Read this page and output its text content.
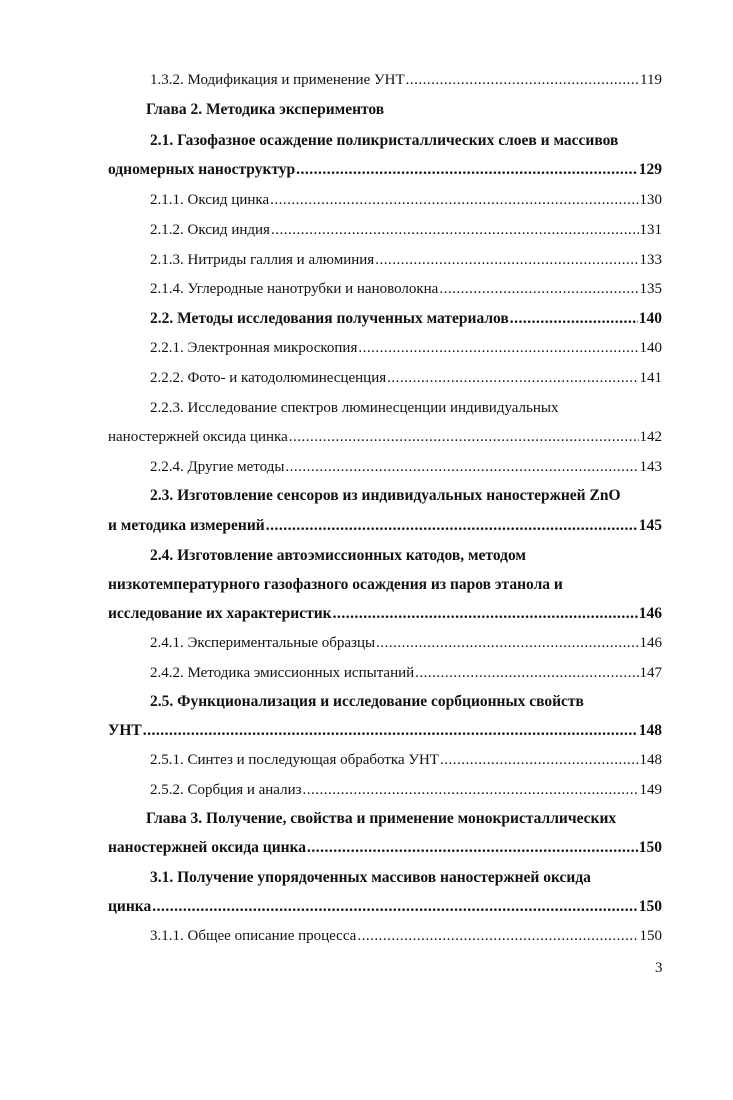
1.3.2. Модификация и применение УНТ .....	119
Глава 2. Методика экспериментов
2.1. Газофазное осаждение поликристаллических слоев и массивов
одномерных наноструктур .....	129
2.1.1. Оксид цинка .....	130
2.1.2. Оксид индия .....	131
2.1.3. Нитриды галлия и алюминия .....	133
2.1.4. Углеродные нанотрубки и нановолокна .....	135
2.2. Методы исследования полученных материалов .....	140
2.2.1. Электронная микроскопия .....	140
2.2.2. Фото- и катодолюминесценция .....	141
2.2.3. Исследование спектров люминесценции индивидуальных
наностержней оксида цинка .....	142
2.2.4. Другие методы .....	143
2.3. Изготовление сенсоров из индивидуальных наностержней ZnO
и методика измерений .....	145
2.4. Изготовление автоэмиссионных катодов, методом
низкотемпературного газофазного осаждения из паров этанола и
исследование их характеристик .....	146
2.4.1. Экспериментальные образцы .....	146
2.4.2. Методика эмиссионных испытаний .....	147
2.5. Функционализация и исследование сорбционных свойств
УНТ .....	148
2.5.1. Синтез и последующая обработка УНТ .....	148
2.5.2. Сорбция и анализ .....	149
Глава 3. Получение, свойства и применение монокристаллических
наностержней оксида цинка .....	150
3.1. Получение упорядоченных массивов наностержней оксида
цинка .....	150
3.1.1. Общее описание процесса .....	150
3
